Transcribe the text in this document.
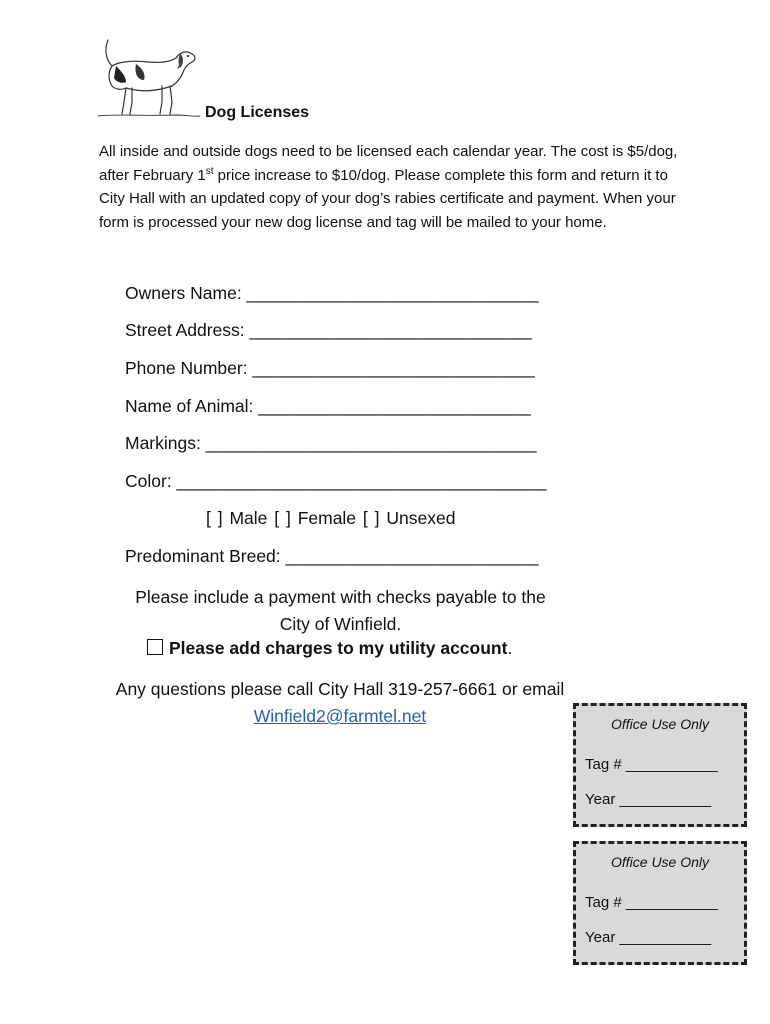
Dog Licenses
All inside and outside dogs need to be licensed each calendar year. The cost is $5/dog, after February 1st price increase to $10/dog. Please complete this form and return it to City Hall with an updated copy of your dog’s rabies certificate and payment. When your form is processed your new dog license and tag will be mailed to your home.
Owners Name: ______________________________
Street Address: _____________________________
Phone Number: _____________________________
Name of Animal: ____________________________
Markings: __________________________________
Color: ______________________________________
[ ] Male [ ] Female [ ] Unsexed
Predominant Breed: __________________________
Please include a payment with checks payable to the City of Winfield.
Please add charges to my utility account.
Any questions please call City Hall 319-257-6661 or email Winfield2@farmtel.net	Office Use Only
Tag # ___________
Year ___________
Office Use Only
Tag # ___________
Year ___________
